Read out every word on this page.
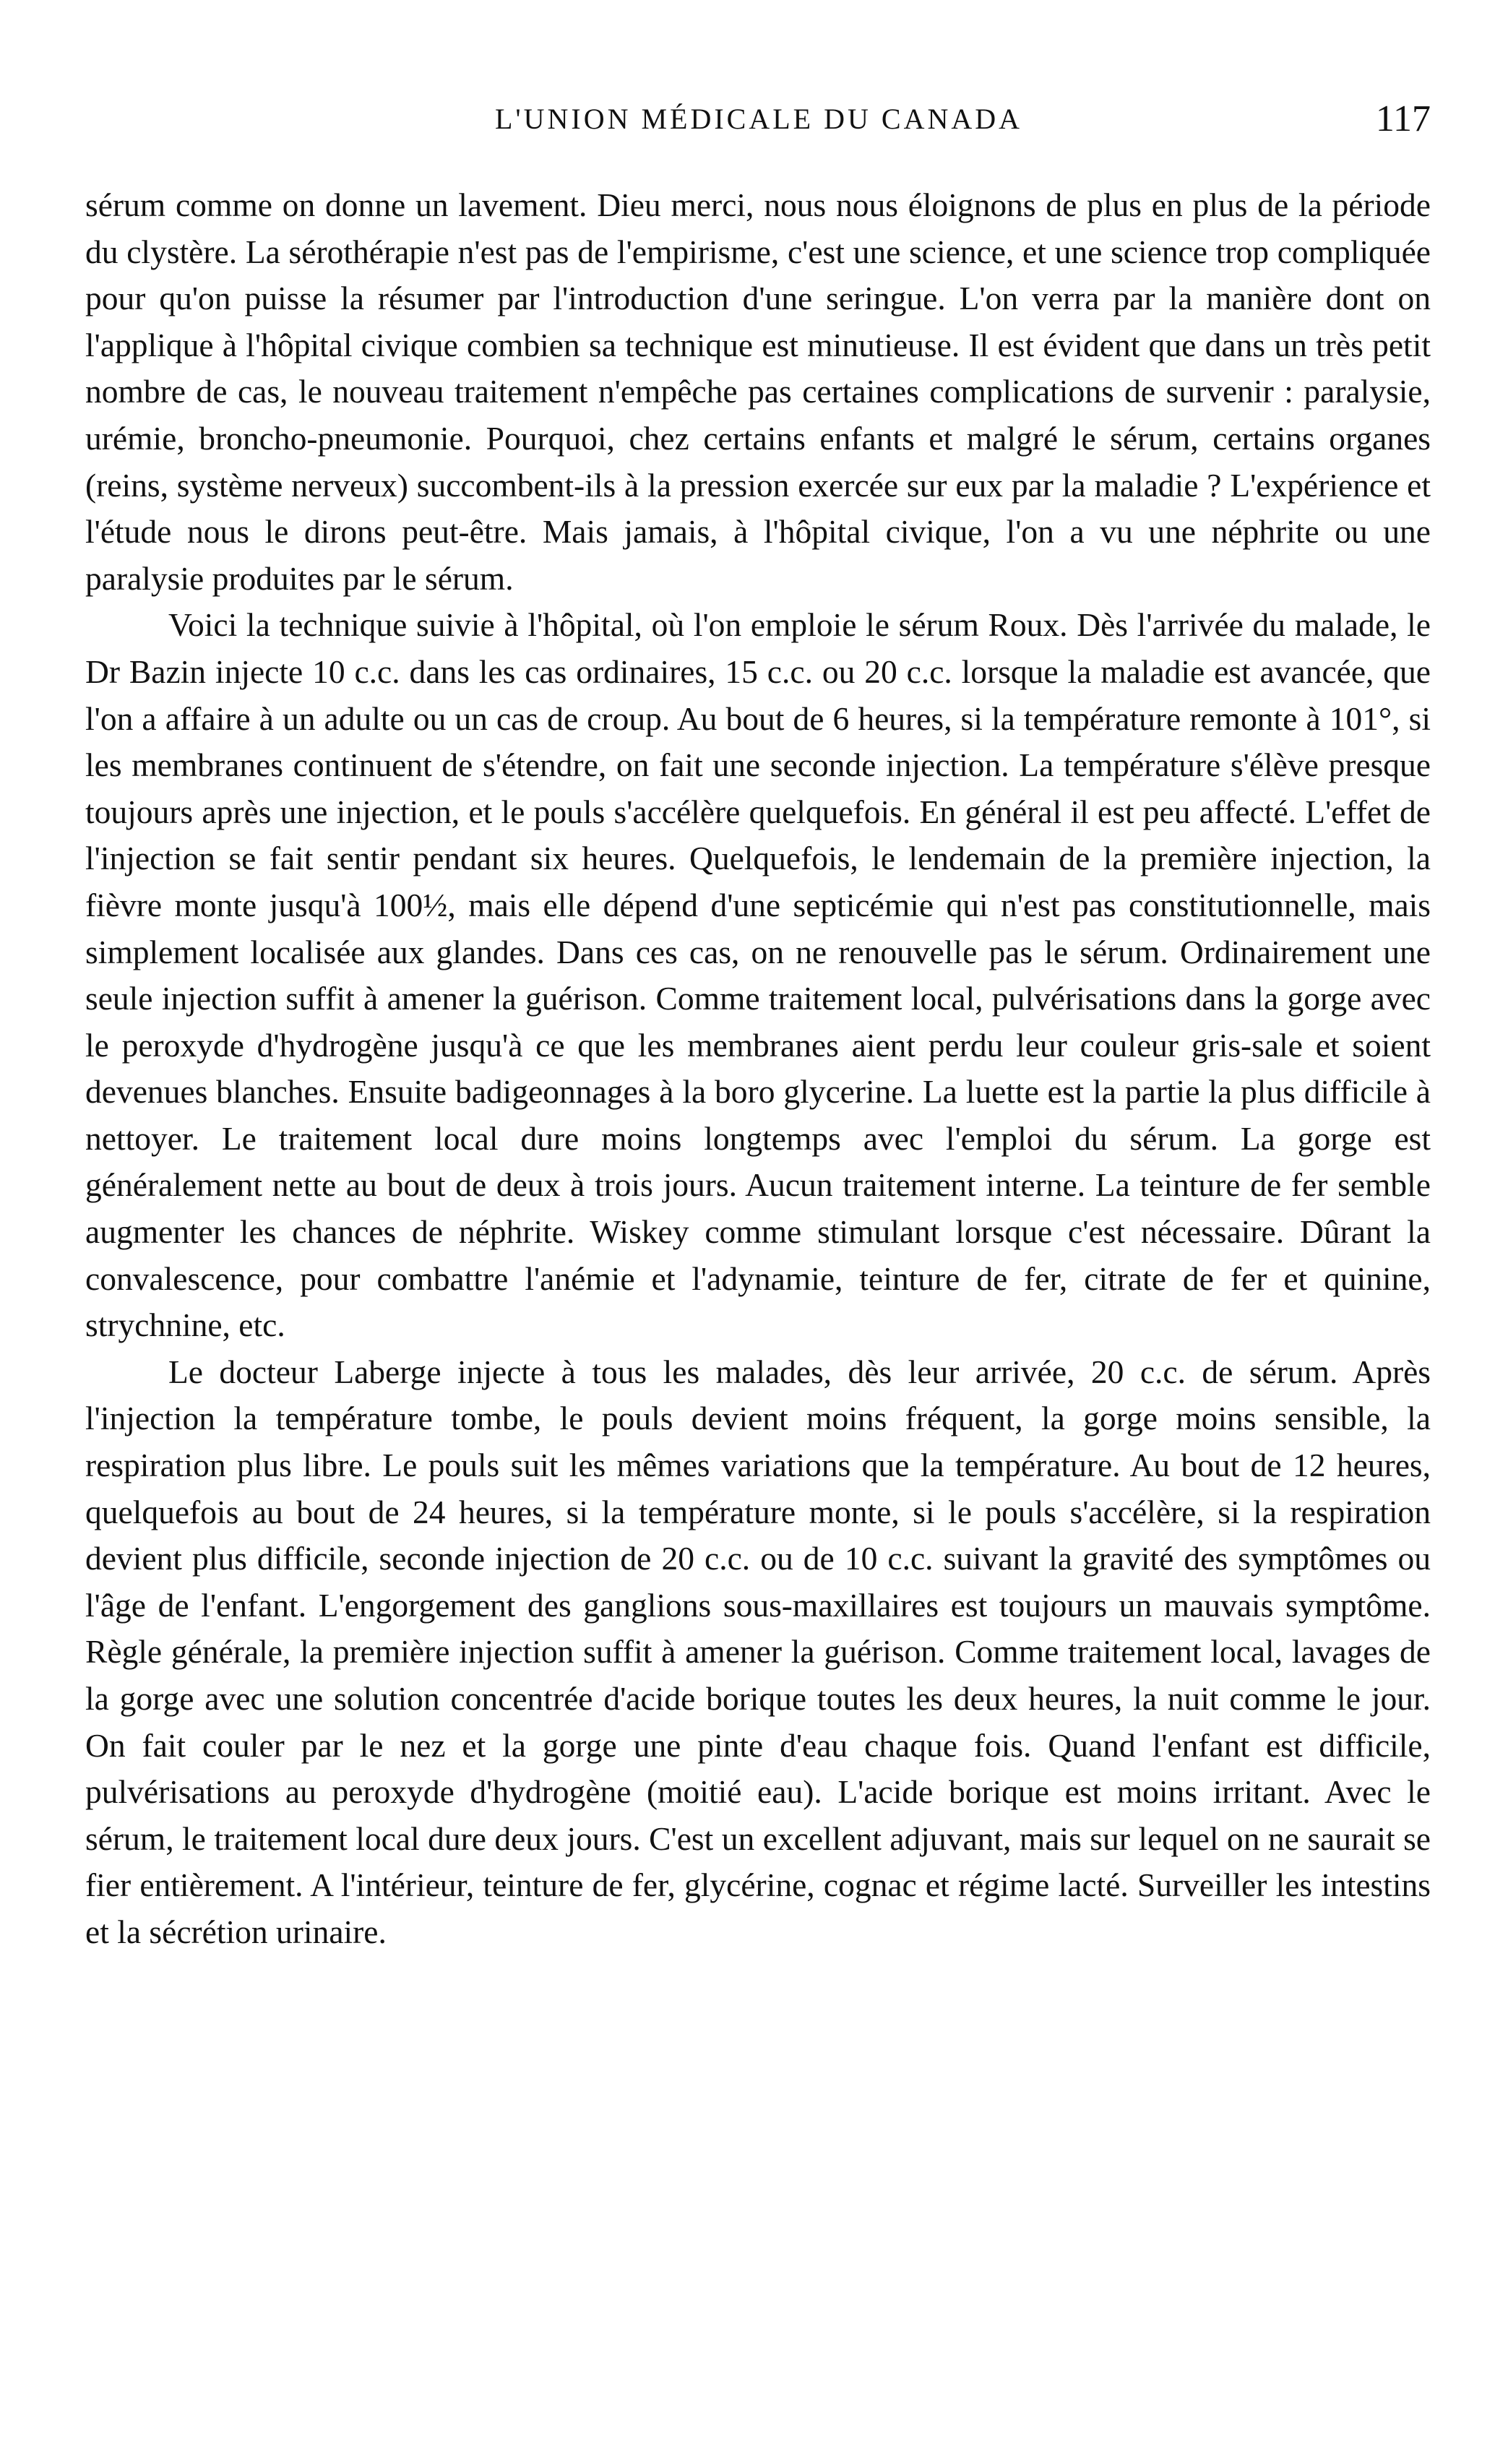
L'UNION MÉDICALE DU CANADA	117

sérum comme on donne un lavement. Dieu merci, nous nous éloignons de plus en plus de la période du clystère. La sérothérapie n'est pas de l'empirisme, c'est une science, et une science trop compliquée pour qu'on puisse la résumer par l'introduction d'une seringue. L'on verra par la manière dont on l'applique à l'hôpital civique combien sa technique est minutieuse. Il est évident que dans un très petit nombre de cas, le nouveau traitement n'empêche pas certaines complications de survenir : paralysie, urémie, broncho-pneumonie. Pourquoi, chez certains enfants et malgré le sérum, certains organes (reins, système nerveux) succombent-ils à la pression exercée sur eux par la maladie ? L'expérience et l'étude nous le dirons peut-être. Mais jamais, à l'hôpital civique, l'on a vu une néphrite ou une paralysie produites par le sérum.

Voici la technique suivie à l'hôpital, où l'on emploie le sérum Roux. Dès l'arrivée du malade, le Dr Bazin injecte 10 c.c. dans les cas ordinaires, 15 c.c. ou 20 c.c. lorsque la maladie est avancée, que l'on a affaire à un adulte ou un cas de croup. Au bout de 6 heures, si la température remonte à 101°, si les membranes continuent de s'étendre, on fait une seconde injection. La température s'élève presque toujours après une injection, et le pouls s'accélère quelquefois. En général il est peu affecté. L'effet de l'injection se fait sentir pendant six heures. Quelquefois, le lendemain de la première injection, la fièvre monte jusqu'à 100½, mais elle dépend d'une septicémie qui n'est pas constitutionnelle, mais simplement localisée aux glandes. Dans ces cas, on ne renouvelle pas le sérum. Ordinairement une seule injection suffit à amener la guérison. Comme traitement local, pulvérisations dans la gorge avec le peroxyde d'hydrogène jusqu'à ce que les membranes aient perdu leur couleur gris-sale et soient devenues blanches. Ensuite badigeonnages à la boro glycerine. La luette est la partie la plus difficile à nettoyer. Le traitement local dure moins longtemps avec l'emploi du sérum. La gorge est généralement nette au bout de deux à trois jours. Aucun traitement interne. La teinture de fer semble augmenter les chances de néphrite. Wiskey comme stimulant lorsque c'est nécessaire. Dûrant la convalescence, pour combattre l'anémie et l'adynamie, teinture de fer, citrate de fer et quinine, strychnine, etc.

Le docteur Laberge injecte à tous les malades, dès leur arrivée, 20 c.c. de sérum. Après l'injection la température tombe, le pouls devient moins fréquent, la gorge moins sensible, la respiration plus libre. Le pouls suit les mêmes variations que la température. Au bout de 12 heures, quelquefois au bout de 24 heures, si la température monte, si le pouls s'accélère, si la respiration devient plus difficile, seconde injection de 20 c.c. ou de 10 c.c. suivant la gravité des symptômes ou l'âge de l'enfant. L'engorgement des ganglions sous-maxillaires est toujours un mauvais symptôme. Règle générale, la première injection suffit à amener la guérison. Comme traitement local, lavages de la gorge avec une solution concentrée d'acide borique toutes les deux heures, la nuit comme le jour. On fait couler par le nez et la gorge une pinte d'eau chaque fois. Quand l'enfant est difficile, pulvérisations au peroxyde d'hydrogène (moitié eau). L'acide borique est moins irritant. Avec le sérum, le traitement local dure deux jours. C'est un excellent adjuvant, mais sur lequel on ne saurait se fier entièrement. A l'intérieur, teinture de fer, glycérine, cognac et régime lacté. Surveiller les intestins et la sécrétion urinaire.
